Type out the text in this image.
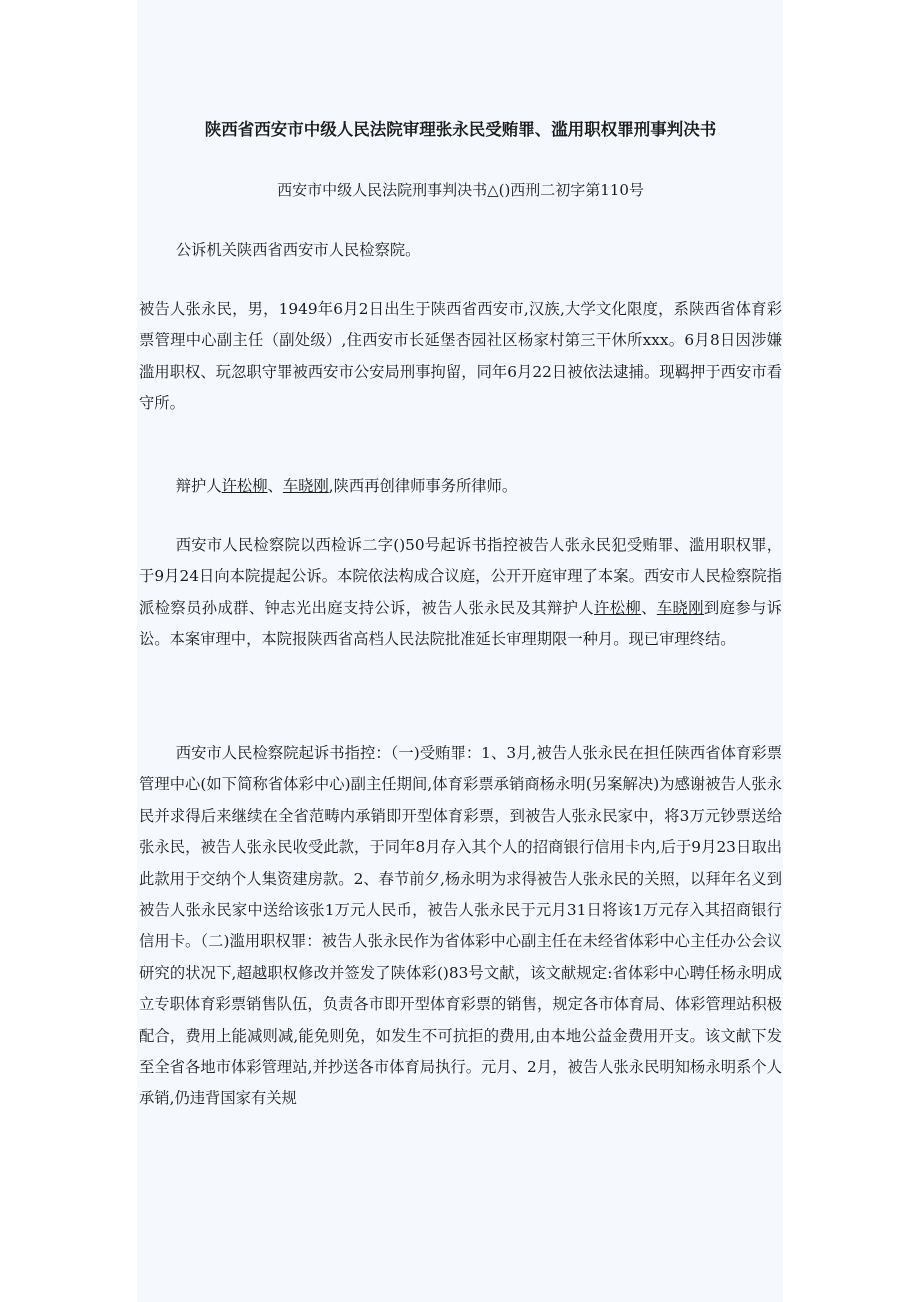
陕西省西安市中级人民法院审理张永民受贿罪、滥用职权罪刑事判决书

西安市中级人民法院刑事判决书△()西刑二初字第110号

公诉机关陕西省西安市人民检察院。

被告人张永民，男，1949年6月2日出生于陕西省西安市,汉族,大学文化限度，系陕西省体育彩票管理中心副主任（副处级）,住西安市长延堡杏园社区杨家村第三干休所xxx。6月8日因涉嫌滥用职权、玩忽职守罪被西安市公安局刑事拘留，同年6月22日被依法逮捕。现羁押于西安市看守所。

辩护人许松柳、车晓刚,陕西再创律师事务所律师。

西安市人民检察院以西检诉二字()50号起诉书指控被告人张永民犯受贿罪、滥用职权罪，于9月24日向本院提起公诉。本院依法构成合议庭，公开开庭审理了本案。西安市人民检察院指派检察员孙成群、钟志光出庭支持公诉，被告人张永民及其辩护人许松柳、车晓刚到庭参与诉讼。本案审理中，本院报陕西省高档人民法院批准延长审理期限一种月。现已审理终结。

西安市人民检察院起诉书指控：（一)受贿罪：1、3月,被告人张永民在担任陕西省体育彩票管理中心(如下简称省体彩中心)副主任期间,体育彩票承销商杨永明(另案解决)为感谢被告人张永民并求得后来继续在全省范畴内承销即开型体育彩票，到被告人张永民家中，将3万元钞票送给张永民，被告人张永民收受此款，于同年8月存入其个人的招商银行信用卡内,后于9月23日取出此款用于交纳个人集资建房款。2、春节前夕,杨永明为求得被告人张永民的关照，以拜年名义到被告人张永民家中送给该张1万元人民币，被告人张永民于元月31日将该1万元存入其招商银行信用卡。（二)滥用职权罪：被告人张永民作为省体彩中心副主任在未经省体彩中心主任办公会议研究的状况下,超越职权修改并签发了陕体彩()83号文献，该文献规定:省体彩中心聘任杨永明成立专职体育彩票销售队伍，负责各市即开型体育彩票的销售，规定各市体育局、体彩管理站积极配合，费用上能减则减,能免则免，如发生不可抗拒的费用,由本地公益金费用开支。该文献下发至全省各地市体彩管理站,并抄送各市体育局执行。元月、2月，被告人张永民明知杨永明系个人承销,仍违背国家有关规
